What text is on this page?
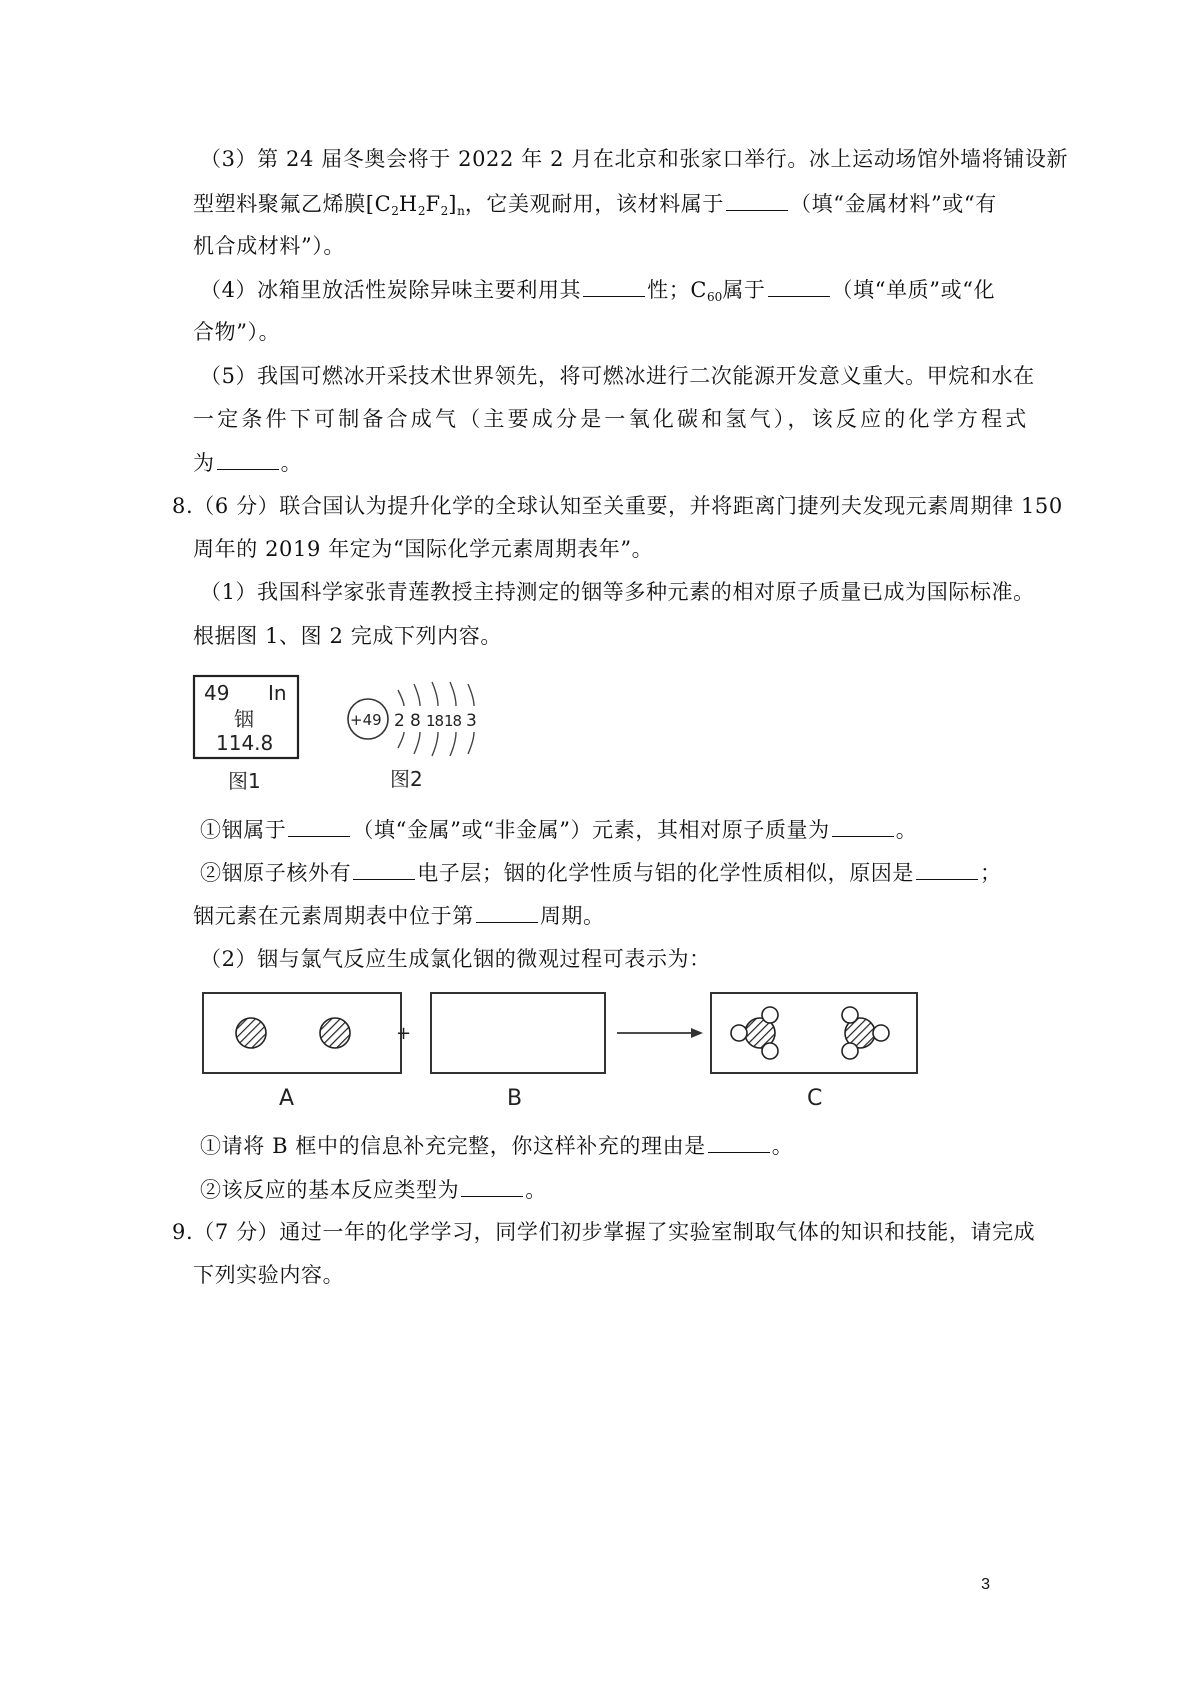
（3）第 24 届冬奥会将于 2022 年 2 月在北京和张家口举行。冰上运动场馆外墙将铺设新
型塑料聚氟乙烯膜$[C_2H_2F_2]_n$，它美观耐用，该材料属于	（填“金属材料”或“有
机合成材料”）。
（4）冰箱里放活性炭除异味主要利用其	性；$C_{60}$属于	（填“单质”或“化
合物”）。
（5）我国可燃冰开采技术世界领先，将可燃冰进行二次能源开发意义重大。甲烷和水在
一定条件下可制备合成气（主要成分是一氧化碳和氢气），该反应的化学方程式
为	。
8.（6 分）联合国认为提升化学的全球认知至关重要，并将距离门捷列夫发现元素周期律 150
周年的 2019 年定为“国际化学元素周期表年”。
（1）我国科学家张青莲教授主持测定的铟等多种元素的相对原子质量已成为国际标准。
根据图 1、图 2 完成下列内容。
49 In
铟
114.8
图1
+49 2 8 18 18 3
图2
①铟属于	（填“金属”或“非金属”）元素，其相对原子质量为	。
②铟原子核外有	电子层；铟的化学性质与铝的化学性质相似，原因是	；
铟元素在元素周期表中位于第	周期。
（2）铟与氯气反应生成氯化铟的微观过程可表示为：
+
A	B	C
①请将 B 框中的信息补充完整，你这样补充的理由是	。
②该反应的基本反应类型为	。
9.（7 分）通过一年的化学学习，同学们初步掌握了实验室制取气体的知识和技能，请完成
下列实验内容。
3
